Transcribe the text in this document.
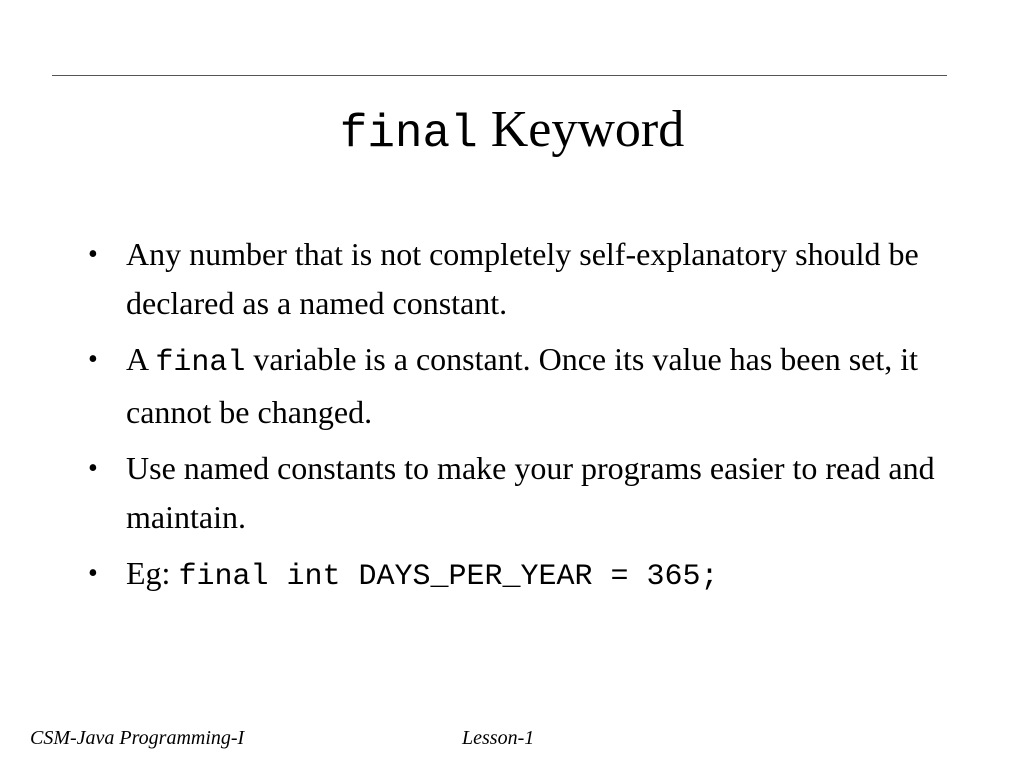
final Keyword
• Any number that is not completely self-explanatory should be declared as a named constant.
• A final variable is a constant. Once its value has been set, it cannot be changed.
• Use named constants to make your programs easier to read and maintain.
• Eg: final int DAYS_PER_YEAR = 365;
CSM-Java Programming-I	Lesson-1
